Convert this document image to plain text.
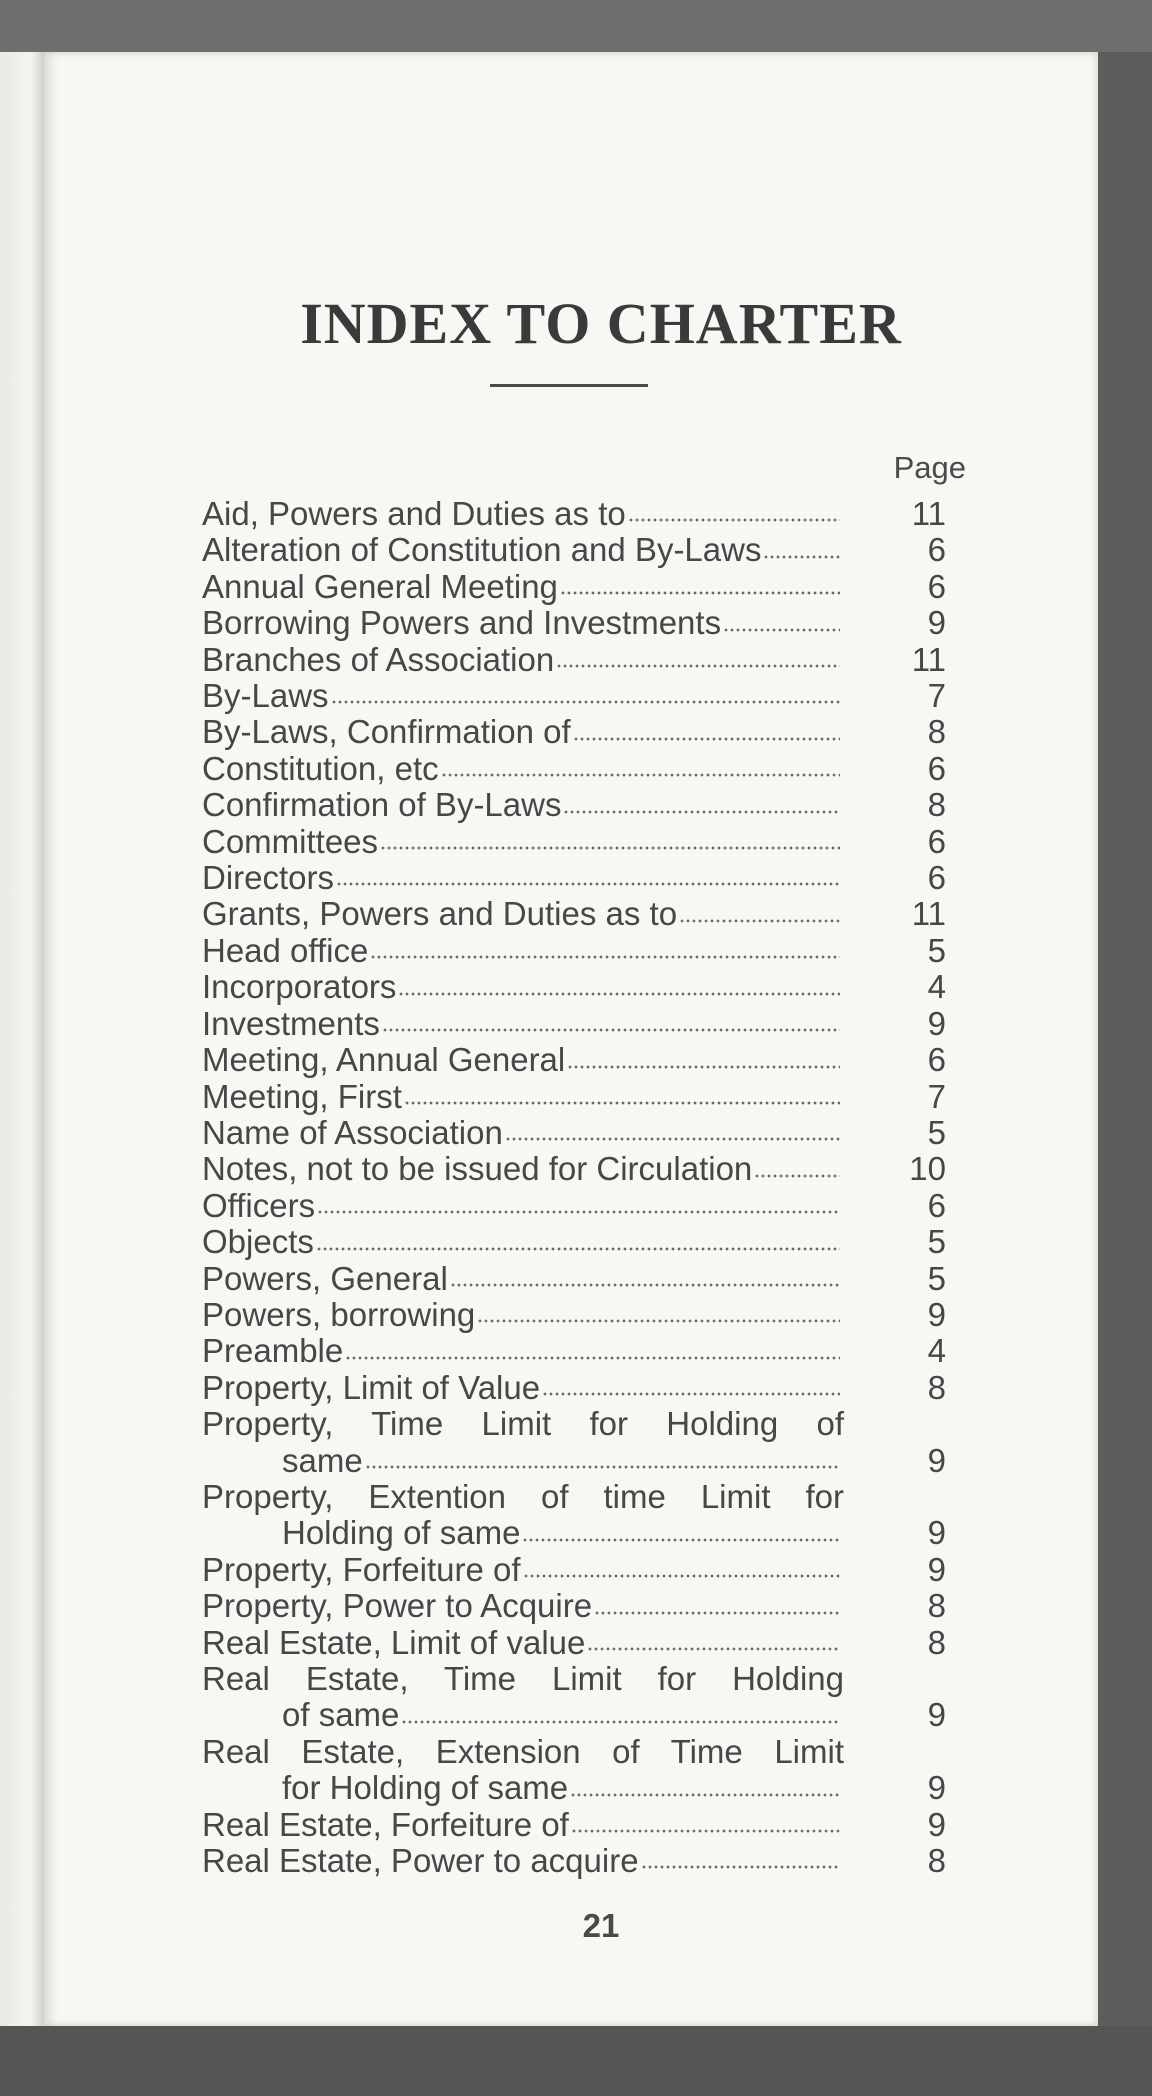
INDEX TO CHARTER
Page
Aid, Powers and Duties as to	11
Alteration of Constitution and By-Laws	6
Annual General Meeting	6
Borrowing Powers and Investments	9
Branches of Association	11
By-Laws	7
By-Laws, Confirmation of	8
Constitution, etc	6
Confirmation of By-Laws	8
Committees	6
Directors	6
Grants, Powers and Duties as to	11
Head office	5
Incorporators	4
Investments	9
Meeting, Annual General	6
Meeting, First	7
Name of Association	5
Notes, not to be issued for Circulation	10
Officers	6
Objects	5
Powers, General	5
Powers, borrowing	9
Preamble	4
Property, Limit of Value	8
Property, Time Limit for Holding of
same	9
Property, Extention of time Limit for
Holding of same	9
Property, Forfeiture of	9
Property, Power to Acquire	8
Real Estate, Limit of value	8
Real Estate, Time Limit for Holding
of same	9
Real Estate, Extension of Time Limit
for Holding of same	9
Real Estate, Forfeiture of	9
Real Estate, Power to acquire	8
21
